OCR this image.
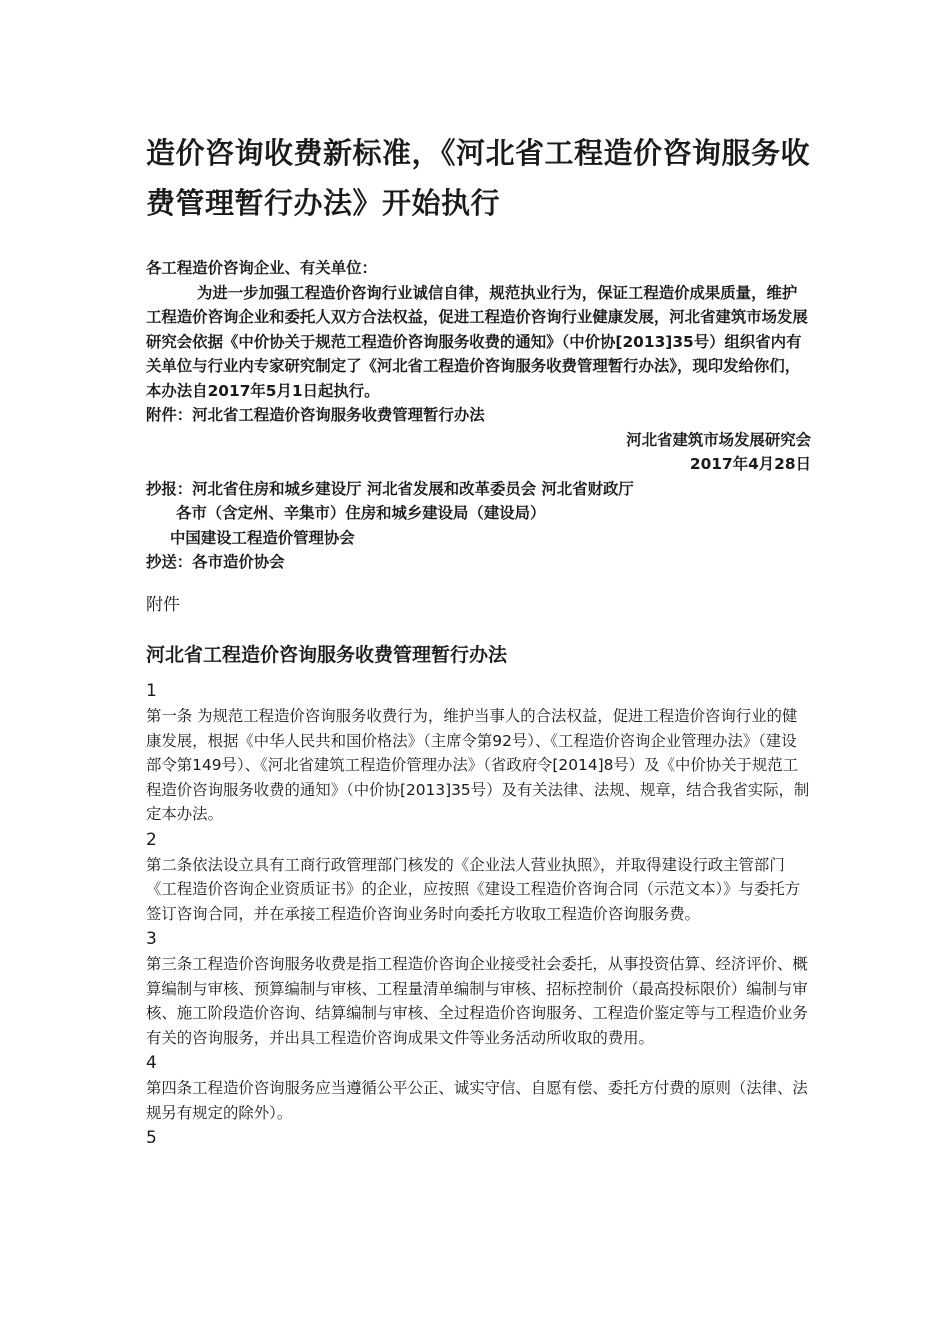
造价咨询收费新标准，《河北省工程造价咨询服务收费管理暂行办法》开始执行

各工程造价咨询企业、有关单位：

为进一步加强工程造价咨询行业诚信自律，规范执业行为，保证工程造价成果质量，维护工程造价咨询企业和委托人双方合法权益，促进工程造价咨询行业健康发展，河北省建筑市场发展研究会依据《中价协关于规范工程造价咨询服务收费的通知》（中价协[2013]35号）组织省内有关单位与行业内专家研究制定了《河北省工程造价咨询服务收费管理暂行办法》，现印发给你们，本办法自2017年5月1日起执行。

附件：河北省工程造价咨询服务收费管理暂行办法

河北省建筑市场发展研究会

2017年4月28日

抄报：河北省住房和城乡建设厅 河北省发展和改革委员会 河北省财政厅

各市（含定州、辛集市）住房和城乡建设局（建设局）

中国建设工程造价管理协会

抄送：各市造价协会

附件
河北省工程造价咨询服务收费管理暂行办法

1

第一条 为规范工程造价咨询服务收费行为，维护当事人的合法权益，促进工程造价咨询行业的健康发展，根据《中华人民共和国价格法》（主席令第92号）、《工程造价咨询企业管理办法》（建设部令第149号）、《河北省建筑工程造价管理办法》（省政府令[2014]8号）及《中价协关于规范工程造价咨询服务收费的通知》（中价协[2013]35号）及有关法律、法规、规章，结合我省实际，制定本办法。

2

第二条依法设立具有工商行政管理部门核发的《企业法人营业执照》，并取得建设行政主管部门《工程造价咨询企业资质证书》的企业，应按照《建设工程造价咨询合同（示范文本）》与委托方签订咨询合同，并在承接工程造价咨询业务时向委托方收取工程造价咨询服务费。

3

第三条工程造价咨询服务收费是指工程造价咨询企业接受社会委托，从事投资估算、经济评价、概算编制与审核、预算编制与审核、工程量清单编制与审核、招标控制价（最高投标限价）编制与审核、施工阶段造价咨询、结算编制与审核、全过程造价咨询服务、工程造价鉴定等与工程造价业务有关的咨询服务，并出具工程造价咨询成果文件等业务活动所收取的费用。

4

第四条工程造价咨询服务应当遵循公平公正、诚实守信、自愿有偿、委托方付费的原则（法律、法规另有规定的除外）。

5
